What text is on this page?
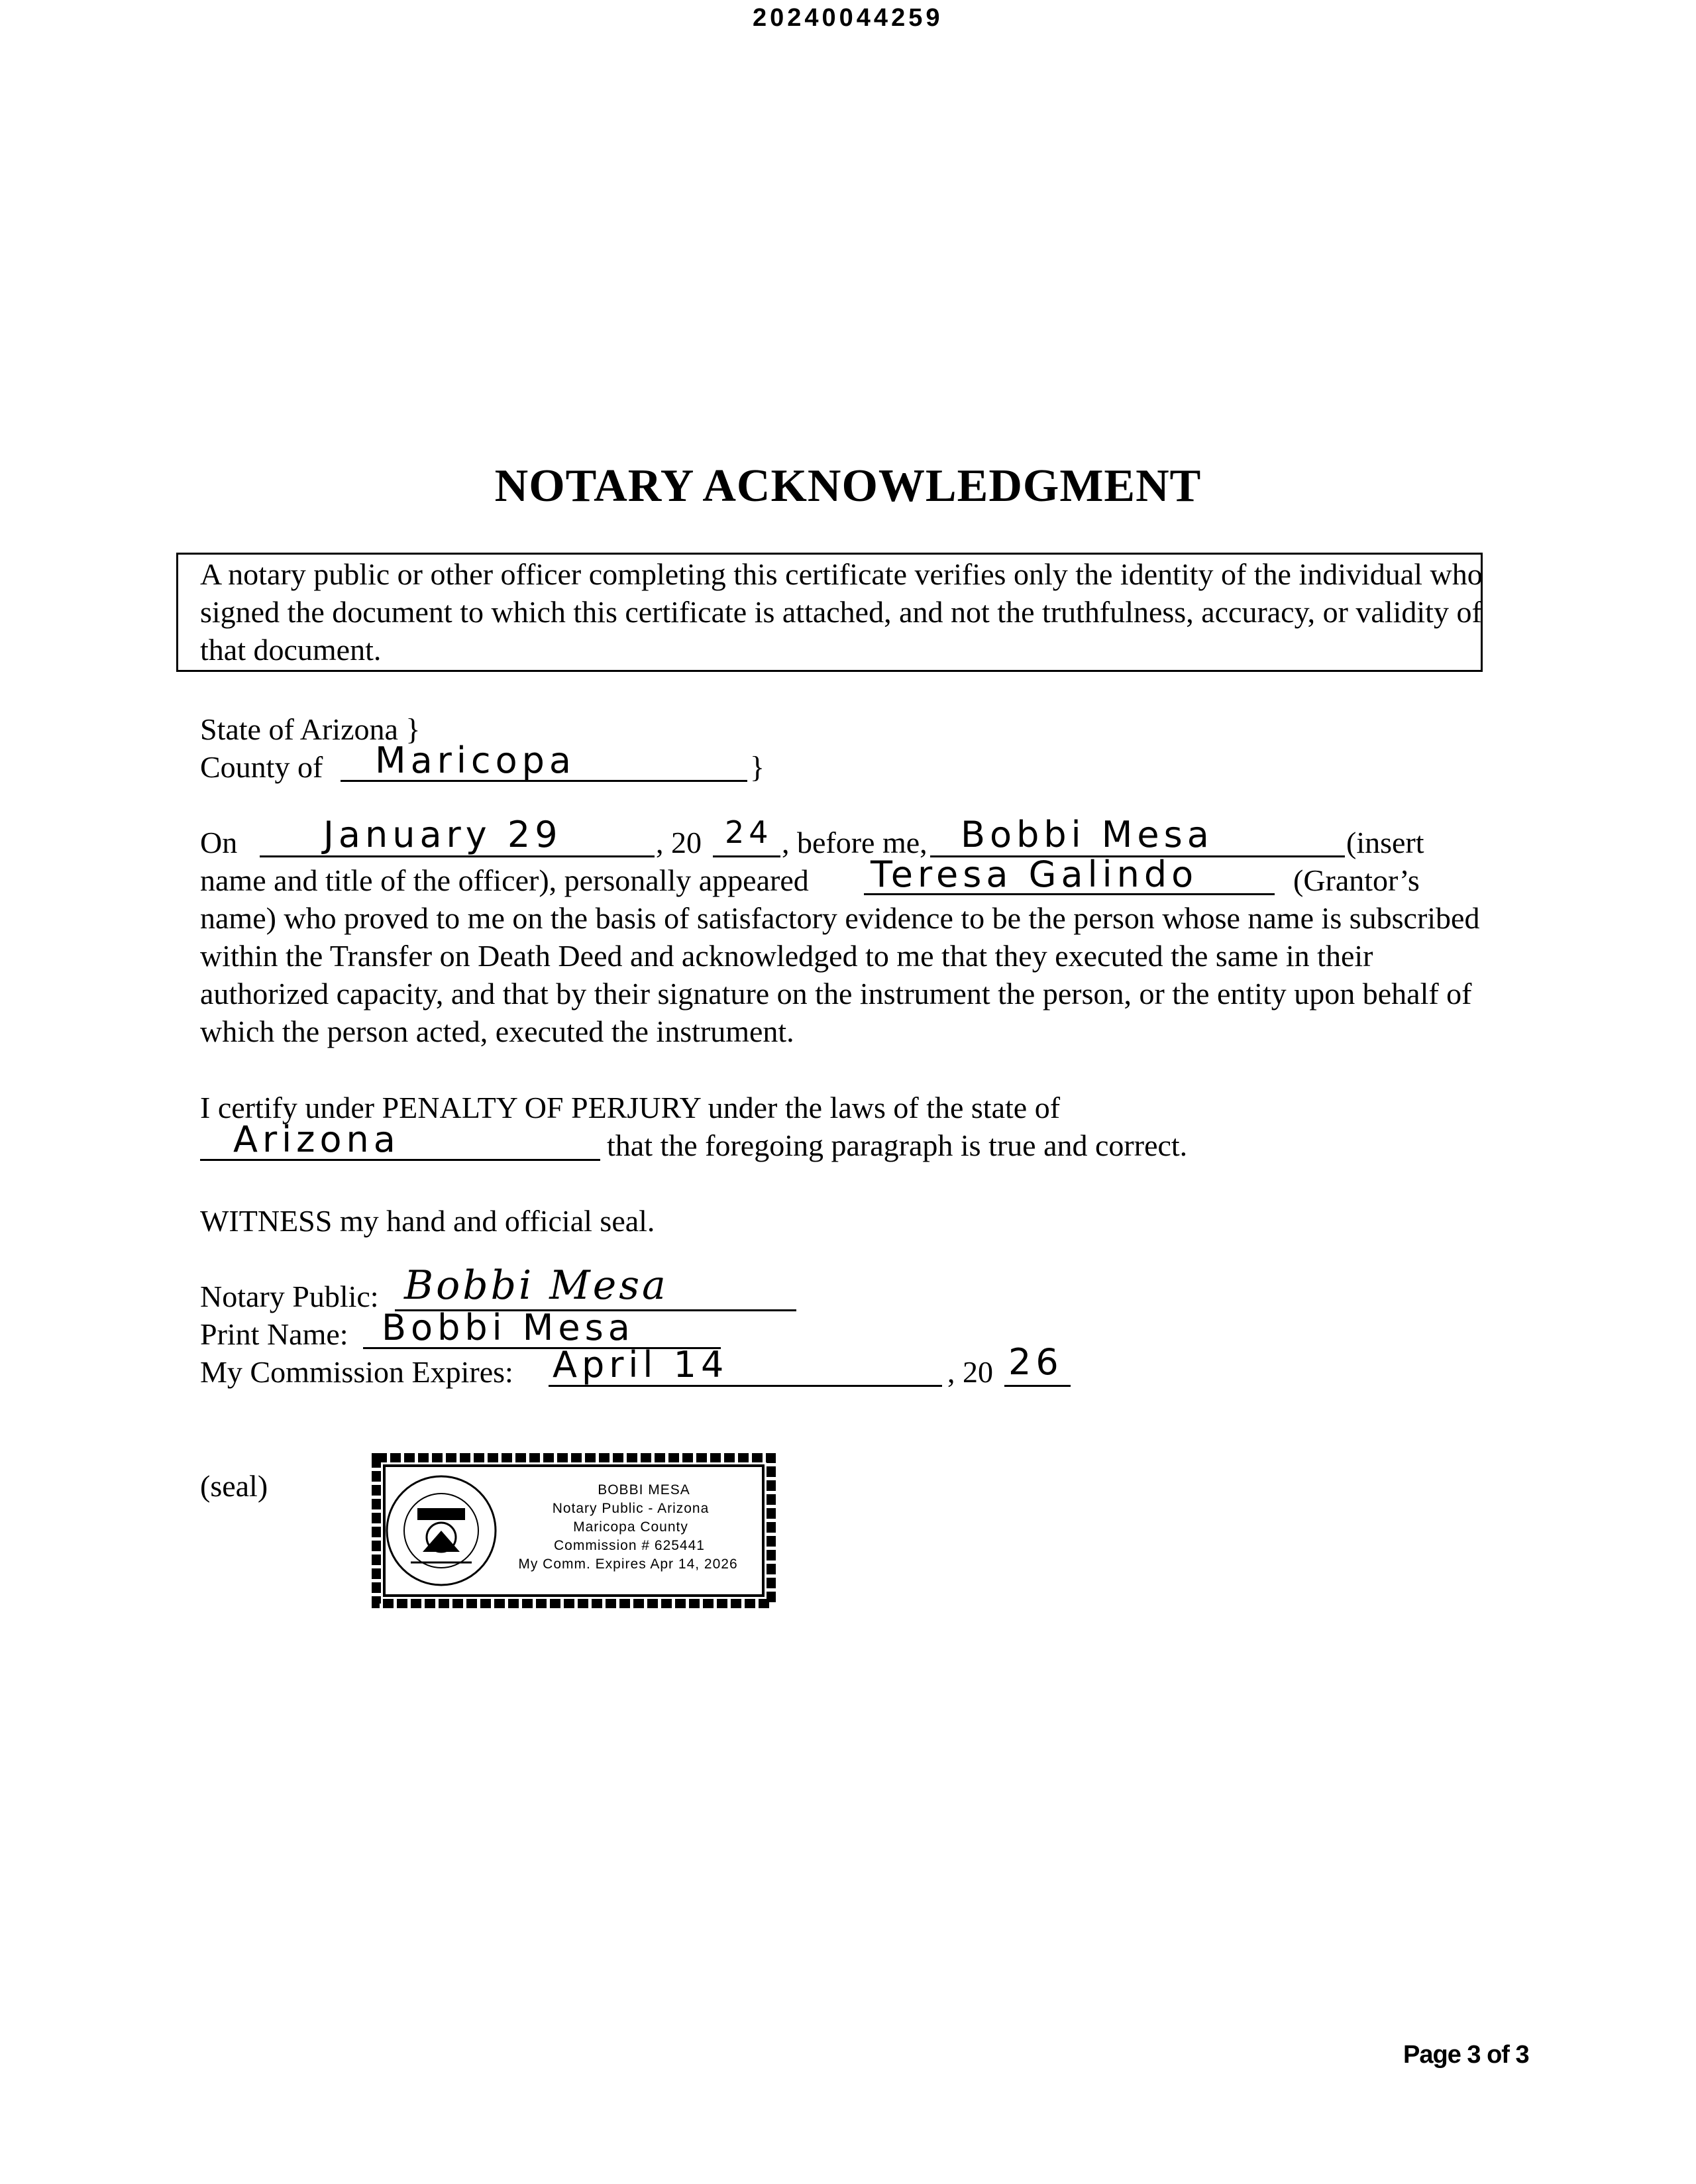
20240044259
NOTARY ACKNOWLEDGMENT
A notary public or other officer completing this certificate verifies only the identity of the individual who signed the document to which this certificate is attached, and not the truthfulness, accuracy, or validity of that document.
State of Arizona }
County of Maricopa	}
On January 29	, 20 24 , before me, Bobbi Mesa	(insert
name and title of the officer), personally appeared Teresa Galindo	(Grantor’s
name) who proved to me on the basis of satisfactory evidence to be the person whose name is subscribed within the Transfer on Death Deed and acknowledged to me that they executed the same in their authorized capacity, and that by their signature on the instrument the person, or the entity upon behalf of which the person acted, executed the instrument.
I certify under PENALTY OF PERJURY under the laws of the state of
Arizona	that the foregoing paragraph is true and correct.
WITNESS my hand and official seal.
Notary Public: Bobbi Mesa
Print Name: Bobbi Mesa
My Commission Expires: April 14	, 20 26
(seal)	BOBBI MESA
Notary Public - Arizona
Maricopa County
Commission # 625441
My Comm. Expires Apr 14, 2026
Page 3 of 3
